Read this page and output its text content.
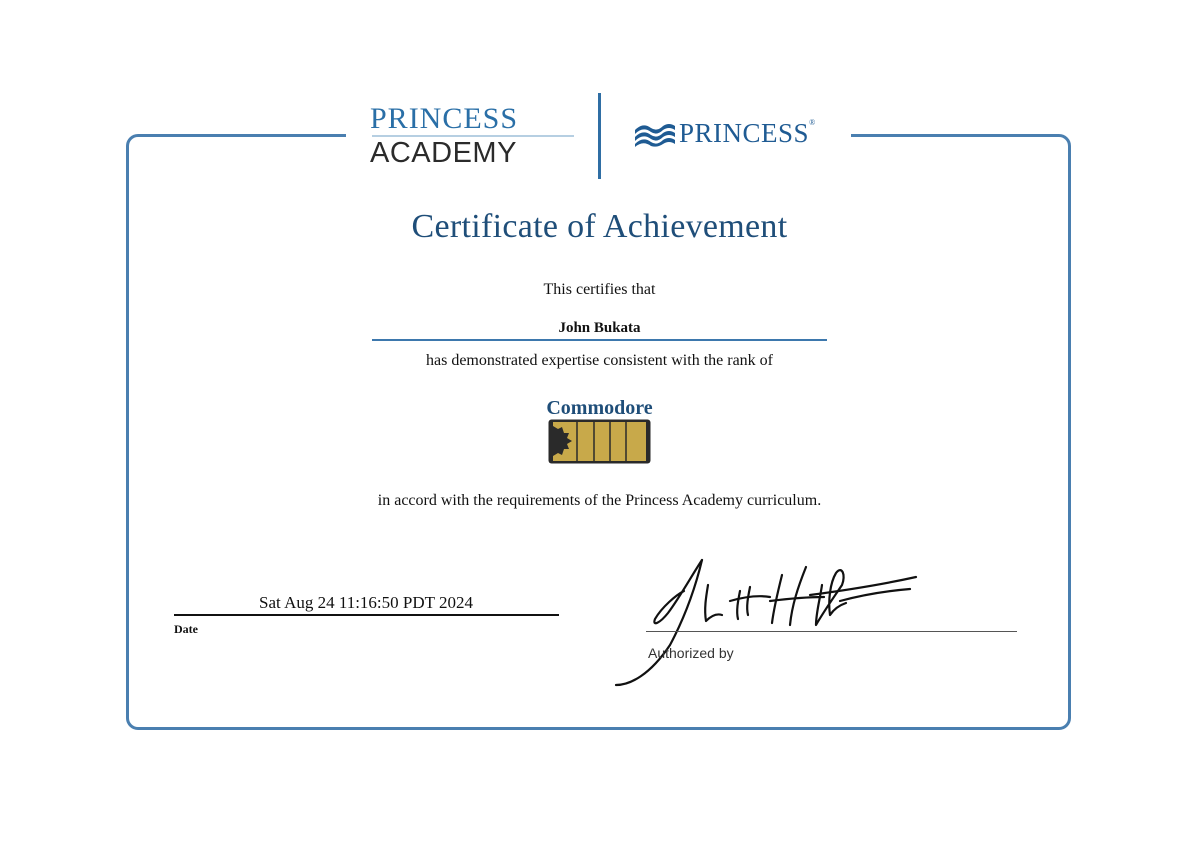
PRINCESS
ACADEMY
PRINCESS®
Certificate of Achievement
This certifies that
John Bukata
has demonstrated expertise consistent with the rank of
Commodore
in accord with the requirements of the Princess Academy curriculum.
Sat Aug 24 11:16:50 PDT 2024
Date
Authorized by
